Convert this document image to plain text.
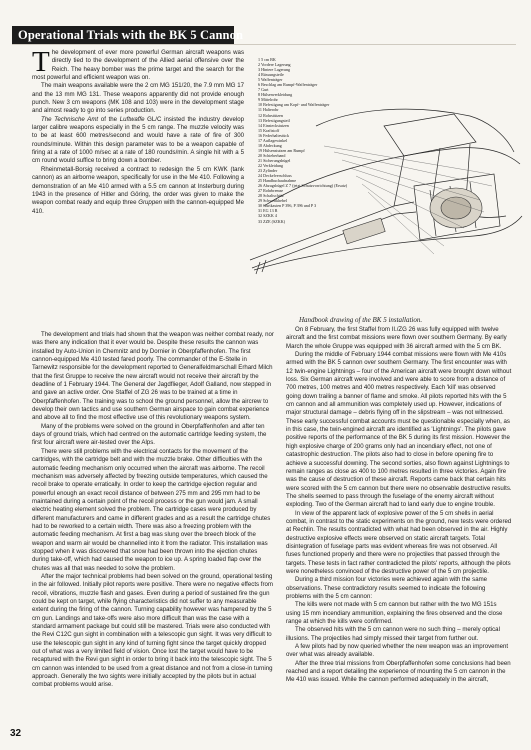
Operational Trials with the BK 5 Cannon

The development of ever more powerful German aircraft weapons was directly tied to the development of the Allied aerial offensive over the Reich. The heavy bomber was the prime target and the search for the most powerful and efficient weapon was on.

The main weapons available were the 2 cm MG 151/20, the 7.9 mm MG 17 and the 13 mm MG 131. These weapons apparently did not provide enough punch. New 3 cm weapons (MK 108 and 103) were in the development stage and almost ready to go into series production.

The Technische Amt of the Luftwaffe GL/C insisted the industry develop larger calibre weapons especially in the 5 cm range. The muzzle velocity was to be at least 600 metres/second and would have a rate of fire of 300 rounds/minute. Within this design parameter was to be a weapon capable of firing at a rate of 1000 m/sec at a rate of 180 rounds/min. A single hit with a 5 cm round would suffice to bring down a bomber.

Rheinmetall-Borsig received a contract to redesign the 5 cm KWK (tank cannon) as an airborne weapon, specifically for use in the Me 410. Following a demonstration of an Me 410 armed with a 5.5 cm cannon at Insterburg during 1943 in the presence of Hitler and Göring, the order was given to make the weapon combat ready and equip three Gruppen with the cannon-equipped Me 410.

The development and trials had shown that the weapon was neither combat ready, nor was there any indication that it ever would be. Despite these results the cannon was installed by Auto-Union in Chemnitz and by Dornier in Oberpfaffenhofen. The first cannon-equipped Me 410 tested fared poorly. The commander of the E-Stelle in Tarnewitz responsible for the development reported to Generalfeldmarschall Erhard Milch that the first Gruppe to receive the new aircraft would not receive their aircraft by the deadline of 1 February 1944. The General der Jagdflieger, Adolf Galland, now stepped in and gave an active order. One Staffel of ZG 26 was to be trained at a time in Oberpfaffenhofen. The training was to school the ground personnel, allow the aircrew to develop their own tactics and use southern German airspace to gain combat experience and above all to find the most effective use of this revolutionary weapons system.

Many of the problems were solved on the ground in Oberpfaffenhofen and after ten days of ground trials, which had centred on the automatic cartridge feeding system, the first four aircraft were air-tested over the Alps.

There were still problems with the electrical contacts for the movement of the cartridges, with the cartridge belt and with the muzzle brake. Other difficulties with the automatic feeding mechanism only occurred when the aircraft was airborne. The recoil mechanism was adversely affected by freezing outside temperatures, which caused the recoil brake to operate erratically. In order to keep the cartridge ejection regular and powerful enough an exact recoil distance of between 275 mm and 295 mm had to be maintained during a certain point of the recoil process or the gun would jam. A small electric heating element solved the problem. The cartridge cases were produced by different manufacturers and came in different grades and as a result the cartridge chutes had to be reworked to a certain width. There was also a freezing problem with the automatic feeding mechanism. At first a bag was slung over the breech block of the weapon and warm air would be channelled into it from the radiator. This installation was stopped when it was discovered that snow had been thrown into the ejection chutes during take-off, which had caused the weapon to ice up. A spring loaded flap over the chutes was all that was needed to solve the problem.

After the major technical problems had been solved on the ground, operational testing in the air followed. Initially pilot reports were positive. There were no negative effects from recoil, vibrations, muzzle flash and gases. Even during a period of sustained fire the gun could be kept on target, while flying characteristics did not suffer to any measurable extent during the firing of the cannon. Turning capability however was hampered by the 5 cm gun. Landings and take-offs were also more difficult than was the case with a standard armament package but could still be mastered. Trials were also conducted with the Revi C12C gun sight in combination with a telescopic gun sight. It was very difficult to use the telescopic gun sight in any kind of turning fight since the target quickly dropped out of what was a very limited field of vision. Once lost the target would have to be recaptured with the Revi gun sight in order to bring it back into the telescopic sight. The 5 cm cannon was intended to be used from a great distance and not from a close-in turning approach. Generally the two sights were initially accepted by the pilots but in actual combat problems would arise.

1 5 cm BK
2 Vordere Lagerung
3 Hintere Lagerung
4 Rüssungsteile
5 Waffenträger
6 Beschlag am Rumpf-Waffenträger
7 Gurt
8 Hülsenverkleidung
9 Mittelrohr
10 Befestigung am Kopf- und Waffenträger
11 Halterohr
12 Rohrstützen
13 Befestigungsteil
14 Einsteckstutzen
15 Kraftstoff
16 Federhaltestück
17 Auflagewinkel
18 Abdeckung
19 Hülsenstutzen am Rumpf
20 Schieberband
21 Sicherungsbügel
22 Verkleidung
23 Zylinder
24 Deckelverschluss
25 Handbuchaufnahme
26 Abzugsbügel Z 7 (jetzt Schutzvorrichtung) (Ersatz)
27 Rohrbremse
28 Schaltschütz
29 Schwenkhebel
30 Gurtkasten P 396, P 396 und P 3
31 EG 13 R
32 SZKK 4
33 ZZE (SZKK)
Handbook drawing of the BK 5 installation.

On 8 February, the first Staffel from II./ZG 26 was fully equipped with twelve aircraft and the first combat missions were flown over southern Germany. By early March the whole Gruppe was equipped with 36 aircraft armed with the 5 cm BK.

During the middle of February 1944 combat missions were flown with Me 410s armed with the BK 5 cannon over southern Germany. The first encounter was with 12 twin-engine Lightnings – four of the American aircraft were brought down without loss. Six German aircraft were involved and were able to score from a distance of 700 metres, 100 metres and 400 metres respectively. Each 'kill' was observed going down trailing a banner of flame and smoke. All pilots reported hits with the 5 cm cannon and all ammunition was completely used up. However, indications of major structural damage – debris flying off in the slipstream – was not witnessed. These early successful combat accounts must be questionable especially when, as in this case, the twin-engined aircraft are identified as 'Lightnings'. The pilots gave positive reports of the performance of the BK 5 during its first mission. However the high explosive charge of 200 grams only had an incendiary effect, not one of catastrophic destruction. The pilots also had to close in before opening fire to achieve a successful downing. The second sorties, also flown against Lightnings to remain ranges as close as 400 to 100 metres resulted in three victories. Again fire was the cause of destruction of these aircraft. Reports came back that certain hits were scored with the 5 cm cannon but there were no observable destructive results. The shells seemed to pass through the fuselage of the enemy aircraft without exploding. Two of the German aircraft had to land early due to engine trouble.

In view of the apparent lack of explosive power of the 5 cm shells in aerial combat, in contrast to the static experiments on the ground, new tests were ordered at Rechlin. The results contradicted with what had been observed in the air. Highly destructive explosive effects were observed on static aircraft targets. Total disintegration of fuselage parts was evident whereas fire was not observed. All fuses functioned properly and there were no projectiles that passed through the targets. These tests in fact rather contradicted the pilots' reports, although the pilots were nonetheless convinced of the destructive power of the 5 cm projectile.

During a third mission four victories were achieved again with the same observations. These contradictory results seemed to indicate the following problems with the 5 cm cannon:

The kills were not made with 5 cm cannon but rather with the two MG 151s using 15 mm incendiary ammunition, explaining the fires observed and the close range at which the kills were confirmed.

The observed hits with the 5 cm cannon were no such thing – merely optical illusions. The projectiles had simply missed their target from further out.

A few pilots had by now queried whether the new weapon was an improvement over what was already available.

After the three trial missions from Oberpfaffenhofen some conclusions had been reached and a report detailing the experience of mounting the 5 cm cannon in the Me 410 was issued. While the cannon performed adequately in the aircraft,

32
